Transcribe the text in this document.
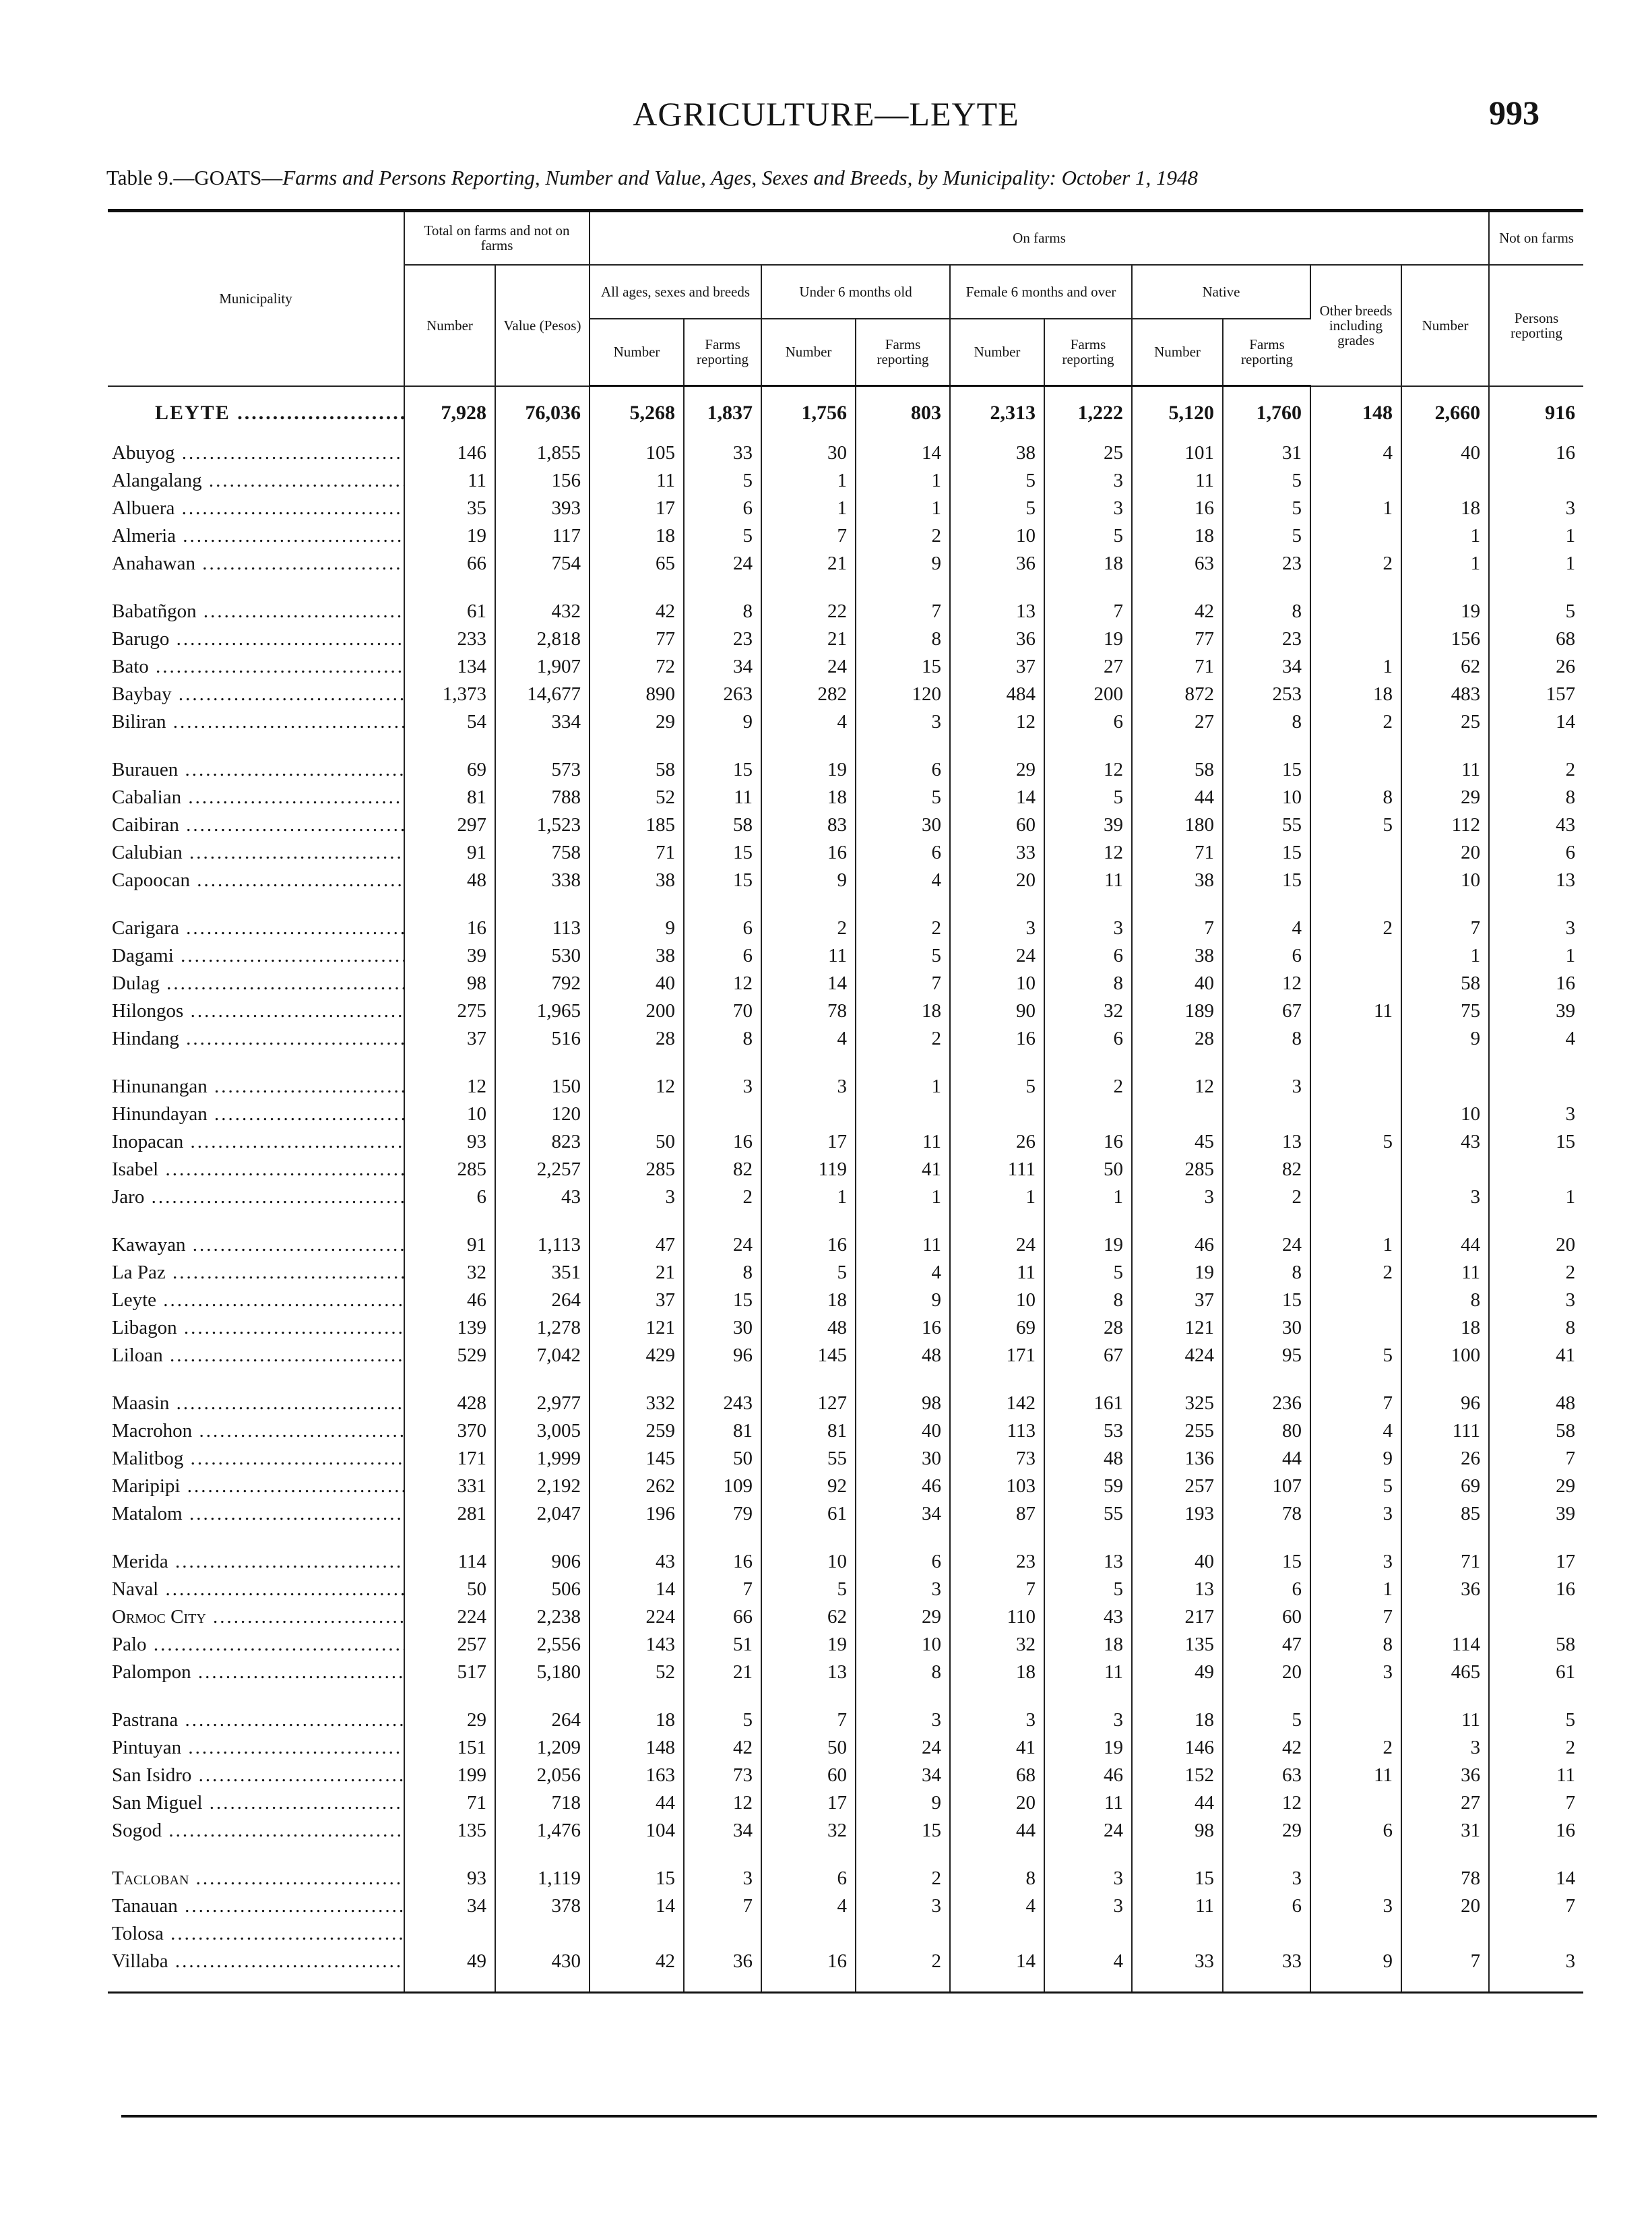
AGRICULTURE—LEYTE	993
Table 9.—GOATS—Farms and Persons Reporting, Number and Value, Ages, Sexes and Breeds, by Municipality: October 1, 1948
Municipality	Total on farms and not on farms		On farms										Not on farms
	Number	Value (Pesos)	All ages, sexes and breeds		Under 6 months old		Female 6 months and over		Native		Other breeds including grades	Number	Persons reporting
			Number	Farms reporting	Number	Farms reporting	Number	Farms reporting	Number	Farms reporting			
LEYTE .....	7,928	76,036	5,268	1,837	1,756	803	2,313	1,222	5,120	1,760	148	2,660	916
Abuyog .....	146	1,855	105	33	30	14	38	25	101	31	4	40	16
Alangalang .....	11	156	11	5	1	1	5	3	11	5			
Albuera .....	35	393	17	6	1	1	5	3	16	5	1	18	3
Almeria .....	19	117	18	5	7	2	10	5	18	5		1	1
Anahawan .....	66	754	65	24	21	9	36	18	63	23	2	1	1

Babatñgon .....	61	432	42	8	22	7	13	7	42	8		19	5
Barugo .....	233	2,818	77	23	21	8	36	19	77	23		156	68
Bato .....	134	1,907	72	34	24	15	37	27	71	34	1	62	26
Baybay .....	1,373	14,677	890	263	282	120	484	200	872	253	18	483	157
Biliran .....	54	334	29	9	4	3	12	6	27	8	2	25	14

Burauen .....	69	573	58	15	19	6	29	12	58	15		11	2
Cabalian .....	81	788	52	11	18	5	14	5	44	10	8	29	8
Caibiran .....	297	1,523	185	58	83	30	60	39	180	55	5	112	43
Calubian .....	91	758	71	15	16	6	33	12	71	15		20	6
Capoocan .....	48	338	38	15	9	4	20	11	38	15		10	13

Carigara .....	16	113	9	6	2	2	3	3	7	4	2	7	3
Dagami .....	39	530	38	6	11	5	24	6	38	6		1	1
Dulag .....	98	792	40	12	14	7	10	8	40	12		58	16
Hilongos .....	275	1,965	200	70	78	18	90	32	189	67	11	75	39
Hindang .....	37	516	28	8	4	2	16	6	28	8		9	4

Hinunangan .....	12	150	12	3	3	1	5	2	12	3			
Hinundayan .....	10	120										10	3
Inopacan .....	93	823	50	16	17	11	26	16	45	13	5	43	15
Isabel .....	285	2,257	285	82	119	41	111	50	285	82			
Jaro .....	6	43	3	2	1	1	1	1	3	2		3	1

Kawayan .....	91	1,113	47	24	16	11	24	19	46	24	1	44	20
La Paz .....	32	351	21	8	5	4	11	5	19	8	2	11	2
Leyte .....	46	264	37	15	18	9	10	8	37	15		8	3
Libagon .....	139	1,278	121	30	48	16	69	28	121	30		18	8
Liloan .....	529	7,042	429	96	145	48	171	67	424	95	5	100	41

Maasin .....	428	2,977	332	243	127	98	142	161	325	236	7	96	48
Macrohon .....	370	3,005	259	81	81	40	113	53	255	80	4	111	58
Malitbog .....	171	1,999	145	50	55	30	73	48	136	44	9	26	7
Maripipi .....	331	2,192	262	109	92	46	103	59	257	107	5	69	29
Matalom .....	281	2,047	196	79	61	34	87	55	193	78	3	85	39

Merida .....	114	906	43	16	10	6	23	13	40	15	3	71	17
Naval .....	50	506	14	7	5	3	7	5	13	6	1	36	16
Ormoc City .....	224	2,238	224	66	62	29	110	43	217	60	7		
Palo .....	257	2,556	143	51	19	10	32	18	135	47	8	114	58
Palompon .....	517	5,180	52	21	13	8	18	11	49	20	3	465	61

Pastrana .....	29	264	18	5	7	3	3	3	18	5		11	5
Pintuyan .....	151	1,209	148	42	50	24	41	19	146	42	2	3	2
San Isidro .....	199	2,056	163	73	60	34	68	46	152	63	11	36	11
San Miguel .....	71	718	44	12	17	9	20	11	44	12		27	7
Sogod .....	135	1,476	104	34	32	15	44	24	98	29	6	31	16

Tacloban .....	93	1,119	15	3	6	2	8	3	15	3		78	14
Tanauan .....	34	378	14	7	4	3	4	3	11	6	3	20	7
Tolosa .....													
Villaba .....	49	430	42	36	16	2	14	4	33	33	9	7	3
